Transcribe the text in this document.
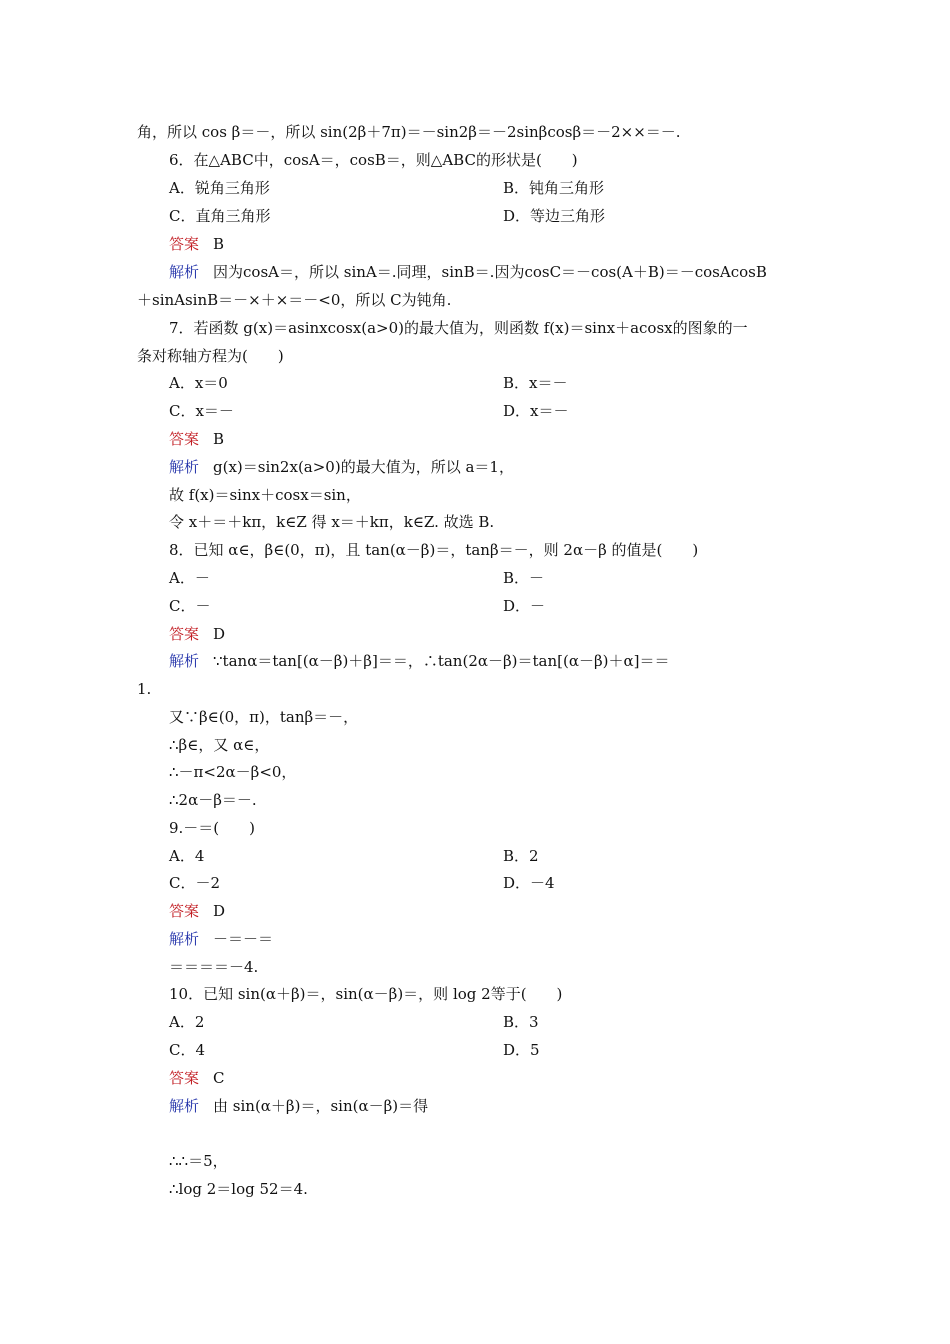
角，所以 cos β＝－，所以 sin(2β＋7π)＝－sin2β＝－2sinβcosβ＝－2××＝－.
6．在△ABC中，cosA＝，cosB＝，则△ABC的形状是(　　)
A．锐角三角形	B．钝角三角形
C．直角三角形	D．等边三角形
答案 B
解析 因为cosA＝，所以 sinA＝.同理，sinB＝.因为cosC＝－cos(A＋B)＝－cosAcosB
＋sinAsinB＝－×＋×＝－<0，所以 C为钝角.
7．若函数 g(x)＝asinxcosx(a>0)的最大值为，则函数 f(x)＝sinx＋acosx的图象的一
条对称轴方程为(　　)
A．x＝0	B．x＝－
C．x＝－	D．x＝－
答案 B
解析 g(x)＝sin2x(a>0)的最大值为，所以 a＝1，
故 f(x)＝sinx＋cosx＝sin，
令 x＋＝＋kπ，k∈Z 得 x＝＋kπ，k∈Z. 故选 B.
8．已知 α∈，β∈(0，π)，且 tan(α－β)＝，tanβ＝－，则 2α－β 的值是(　　)
A．－	B．－
C．－	D．－
答案 D
解析 ∵tanα＝tan[(α－β)＋β]＝＝，∴tan(2α－β)＝tan[(α－β)＋α]＝＝
1.
又∵β∈(0，π)，tanβ＝－，
∴β∈，又 α∈，
∴－π<2α－β<0，
∴2α－β＝－.
9.－＝(　　)
A．4	B．2
C．－2	D．－4
答案 D
解析 －＝－＝
＝＝＝＝－4.
10．已知 sin(α＋β)＝，sin(α－β)＝，则 log 2等于(　　)
A．2	B．3
C．4	D．5
答案 C
解析 由 sin(α＋β)＝，sin(α－β)＝得
∴∴＝5，
∴log 2＝log 52＝4.
